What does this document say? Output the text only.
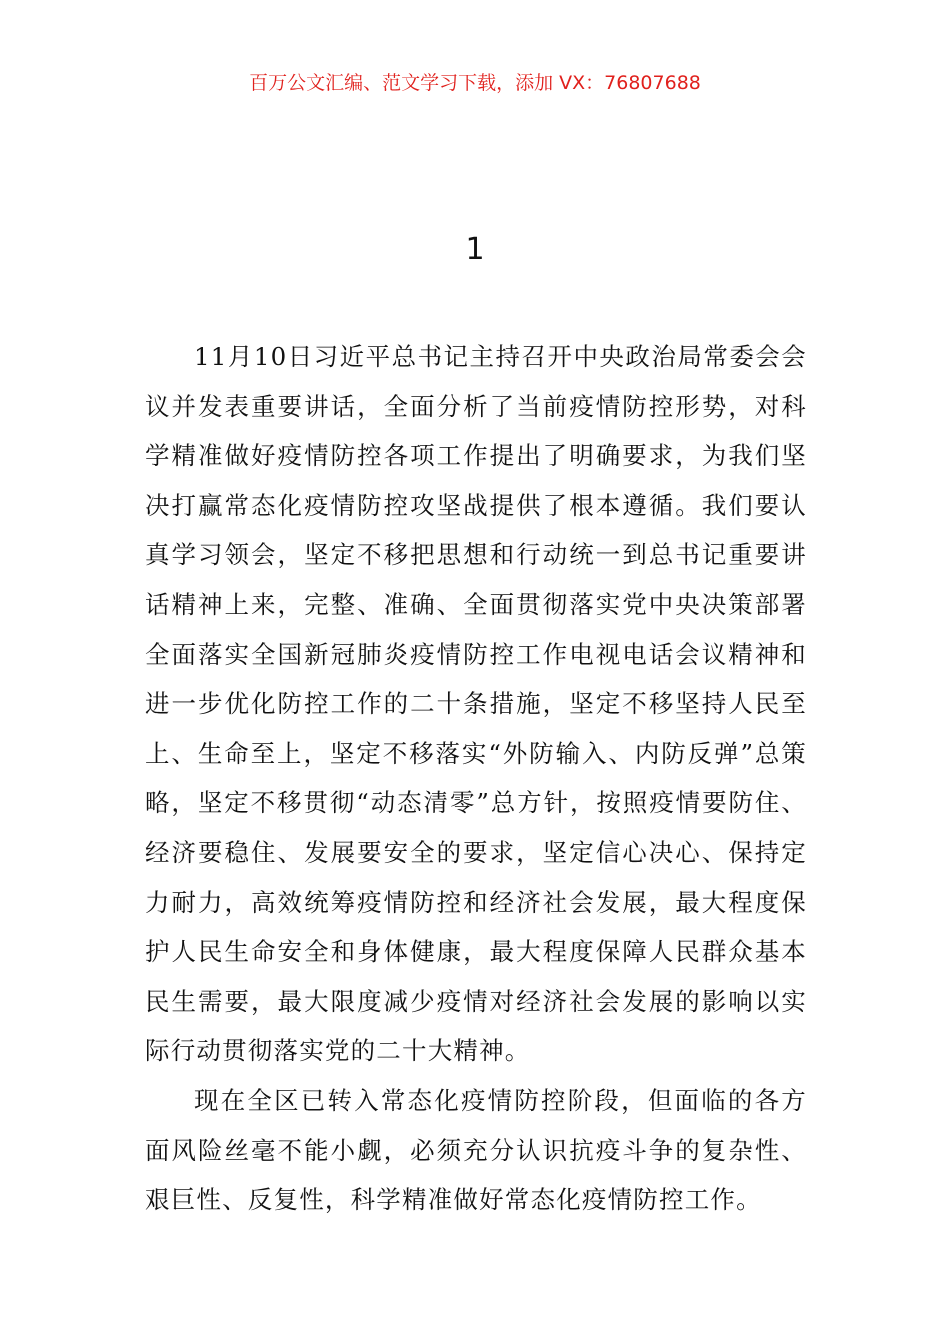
百万公文汇编、范文学习下载，添加 VX：76807688
1

11月10日习近平总书记主持召开中央政治局常委会会议并发表重要讲话，全面分析了当前疫情防控形势，对科学精准做好疫情防控各项工作提出了明确要求，为我们坚决打赢常态化疫情防控攻坚战提供了根本遵循。我们要认真学习领会，坚定不移把思想和行动统一到总书记重要讲话精神上来，完整、准确、全面贯彻落实党中央决策部署全面落实全国新冠肺炎疫情防控工作电视电话会议精神和进一步优化防控工作的二十条措施，坚定不移坚持人民至上、生命至上，坚定不移落实“外防输入、内防反弹”总策略，坚定不移贯彻“动态清零”总方针，按照疫情要防住、经济要稳住、发展要安全的要求，坚定信心决心、保持定力耐力，高效统筹疫情防控和经济社会发展，最大程度保护人民生命安全和身体健康，最大程度保障人民群众基本民生需要，最大限度减少疫情对经济社会发展的影响以实际行动贯彻落实党的二十大精神。

现在全区已转入常态化疫情防控阶段，但面临的各方面风险丝毫不能小觑，必须充分认识抗疫斗争的复杂性、艰巨性、反复性，科学精准做好常态化疫情防控工作。
